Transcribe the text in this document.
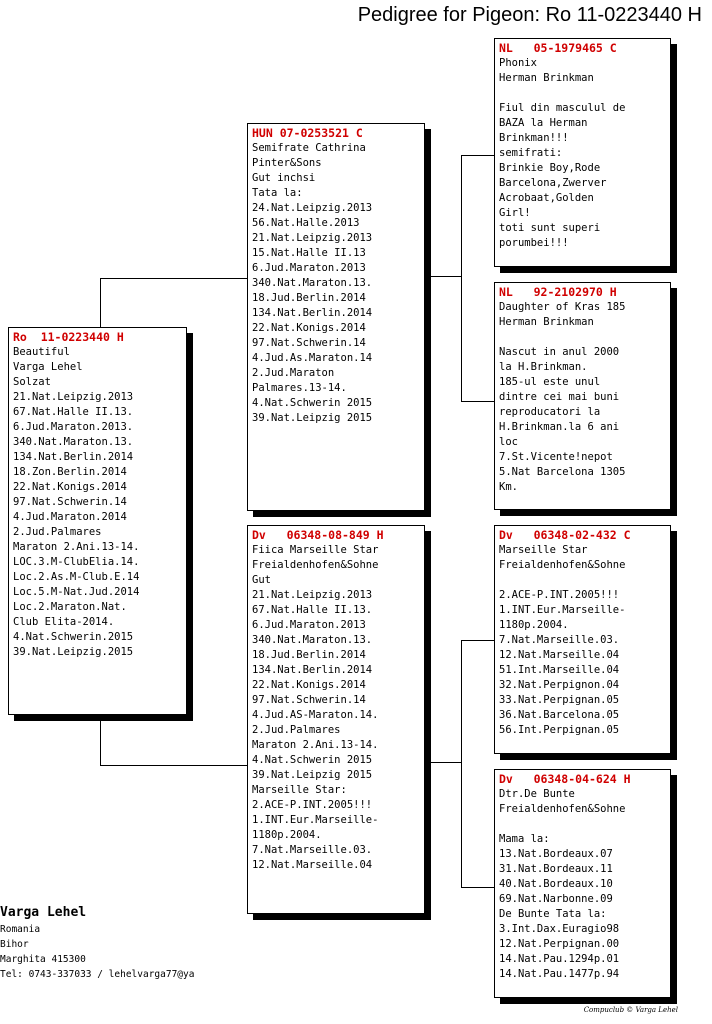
Pedigree for Pigeon: Ro 11-0223440 H
Ro  11-0223440 H
Beautiful
Varga Lehel
Solzat
21.Nat.Leipzig.2013
67.Nat.Halle II.13.
6.Jud.Maraton.2013.
340.Nat.Maraton.13.
134.Nat.Berlin.2014
18.Zon.Berlin.2014
22.Nat.Konigs.2014
97.Nat.Schwerin.14
4.Jud.Maraton.2014
2.Jud.Palmares
Maraton 2.Ani.13-14.
LOC.3.M-ClubElia.14.
Loc.2.As.M-Club.E.14
Loc.5.M-Nat.Jud.2014
Loc.2.Maraton.Nat.
Club Elita-2014.
4.Nat.Schwerin.2015
39.Nat.Leipzig.2015
HUN 07-0253521 C
Semifrate Cathrina
Pinter&Sons
Gut inchsi
Tata la:
24.Nat.Leipzig.2013
56.Nat.Halle.2013
21.Nat.Leipzig.2013
15.Nat.Halle II.13
6.Jud.Maraton.2013
340.Nat.Maraton.13.
18.Jud.Berlin.2014
134.Nat.Berlin.2014
22.Nat.Konigs.2014
97.Nat.Schwerin.14
4.Jud.As.Maraton.14
2.Jud.Maraton
Palmares.13-14.
4.Nat.Schwerin 2015
39.Nat.Leipzig 2015
Dv   06348-08-849 H
Fiica Marseille Star
Freialdenhofen&Sohne
Gut
21.Nat.Leipzig.2013
67.Nat.Halle II.13.
6.Jud.Maraton.2013
340.Nat.Maraton.13.
18.Jud.Berlin.2014
134.Nat.Berlin.2014
22.Nat.Konigs.2014
97.Nat.Schwerin.14
4.Jud.AS-Maraton.14.
2.Jud.Palmares
Maraton 2.Ani.13-14.
4.Nat.Schwerin 2015
39.Nat.Leipzig 2015
Marseille Star:
2.ACE-P.INT.2005!!!
1.INT.Eur.Marseille-
1180p.2004.
7.Nat.Marseille.03.
12.Nat.Marseille.04
NL   05-1979465 C
Phonix
Herman Brinkman
Fiul din masculul de
BAZA la Herman
Brinkman!!!
semifrati:
Brinkie Boy,Rode
Barcelona,Zwerver
Acrobaat,Golden
Girl!
toti sunt superi
porumbei!!!
NL   92-2102970 H
Daughter of Kras 185
Herman Brinkman
Nascut in anul 2000
la H.Brinkman.
185-ul este unul
dintre cei mai buni
reproducatori la
H.Brinkman.la 6 ani
loc
7.St.Vicente!nepot
5.Nat Barcelona 1305
Km.
Dv   06348-02-432 C
Marseille Star
Freialdenhofen&Sohne
2.ACE-P.INT.2005!!!
1.INT.Eur.Marseille-
1180p.2004.
7.Nat.Marseille.03.
12.Nat.Marseille.04
51.Int.Marseille.04
32.Nat.Perpignon.04
33.Nat.Perpignan.05
36.Nat.Barcelona.05
56.Int.Perpignan.05
Dv   06348-04-624 H
Dtr.De Bunte
Freialdenhofen&Sohne
Mama la:
13.Nat.Bordeaux.07
31.Nat.Bordeaux.11
40.Nat.Bordeaux.10
69.Nat.Narbonne.09
De Bunte Tata la:
3.Int.Dax.Euragio98
12.Nat.Perpignan.00
14.Nat.Pau.1294p.01
14.Nat.Pau.1477p.94
Varga Lehel
Romania
Bihor
Marghita 415300
Tel: 0743-337033 / lehelvarga77@ya
Compuclub © Varga Lehel
